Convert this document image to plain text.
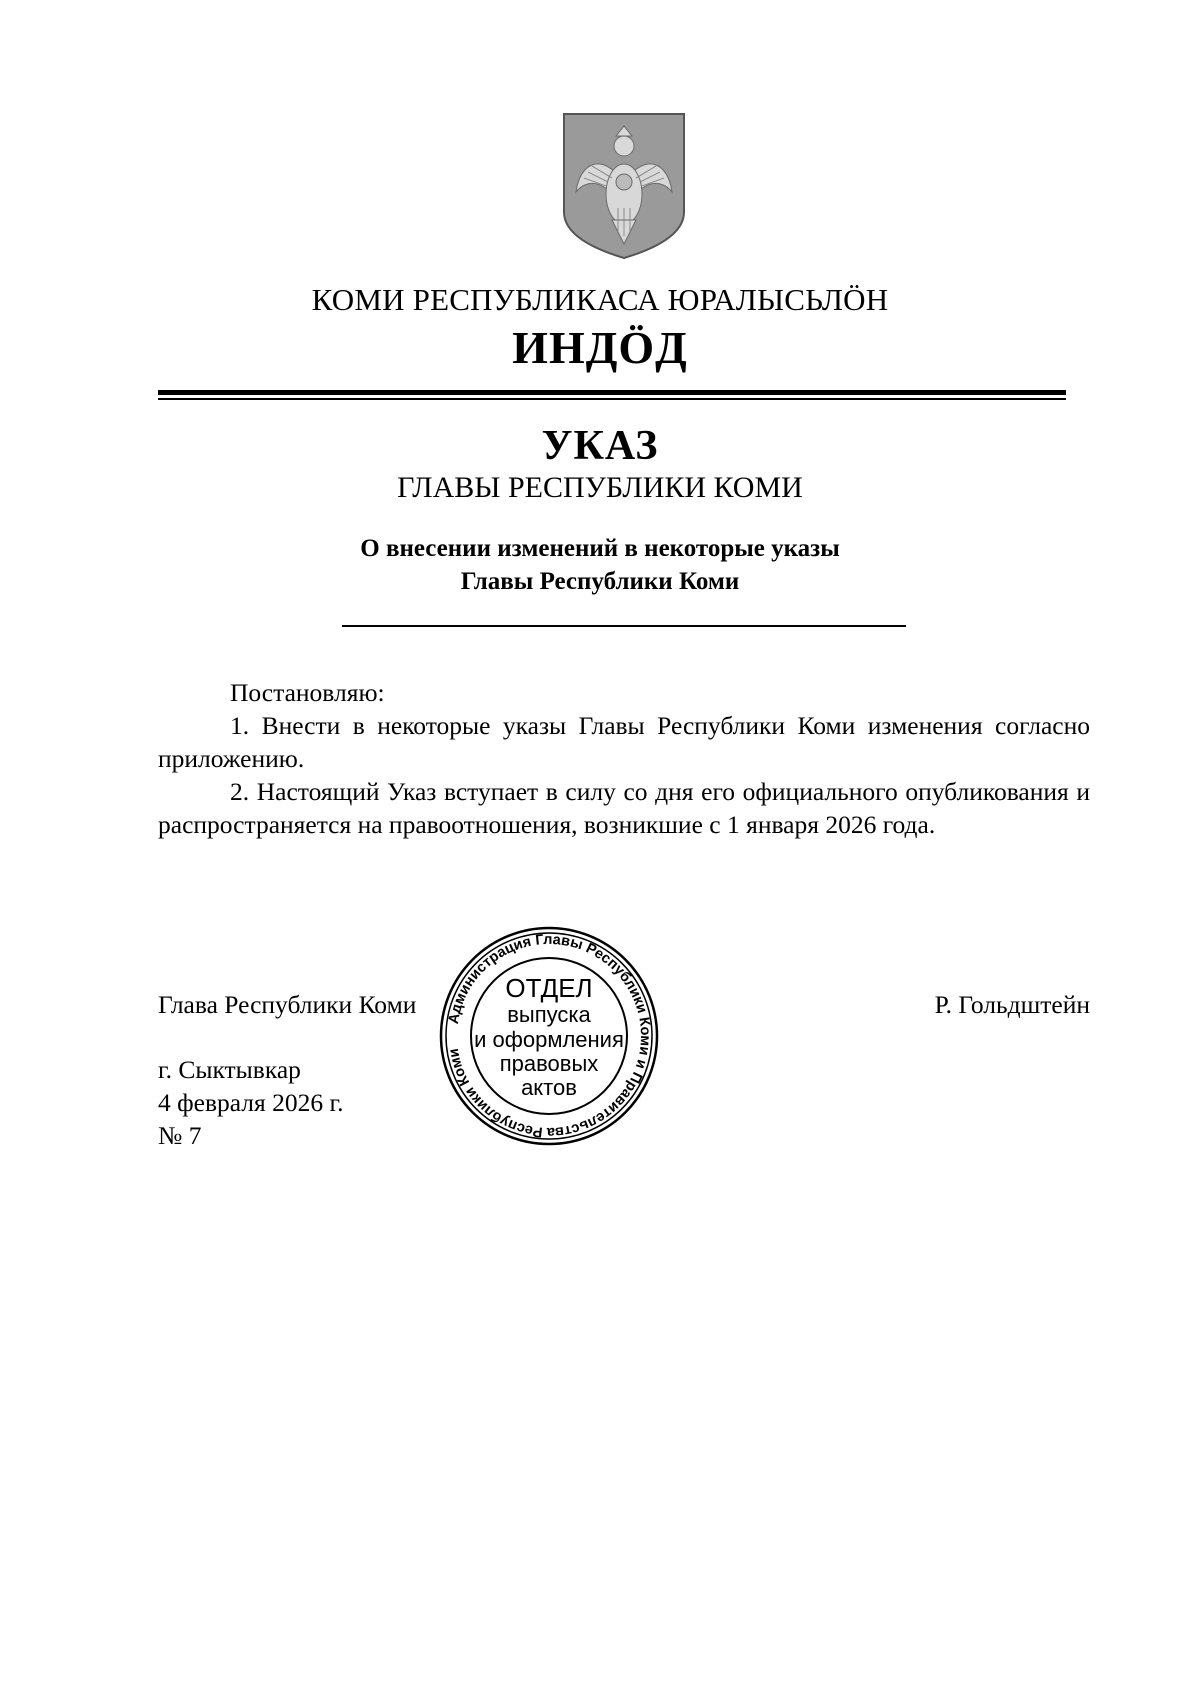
КОМИ РЕСПУБЛИКАСА ЮРАЛЫСЬЛÖН
ИНДÖД
УКАЗ
ГЛАВЫ РЕСПУБЛИКИ КОМИ
О внесении изменений в некоторые указы
Главы Республики Коми

Постановляю:

1. Внести в некоторые указы Главы Республики Коми изменения согласно приложению.

2. Настоящий Указ вступает в силу со дня его официального опубликования и распространяется на правоотношения, возникшие с 1 января 2026 года.

Глава Республики Коми	Р. Гольдштейн
г. Сыктывкар
4 февраля 2026 г.
№ 7
Администрация Главы Республики Коми и Правительства Республики Коми
ОТДЕЛ
выпуска
и оформления
правовых
актов
